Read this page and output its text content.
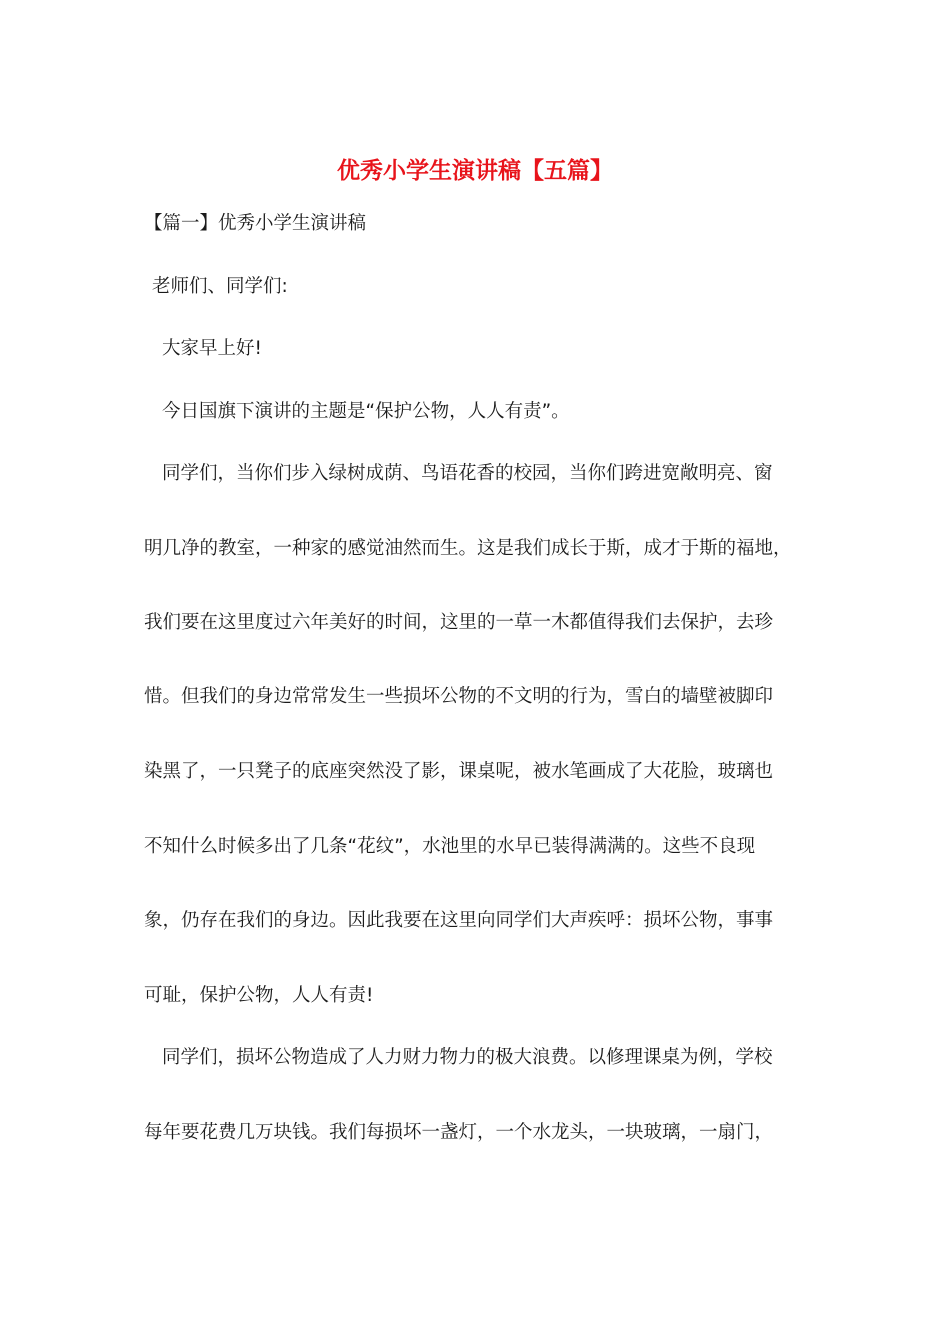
优秀小学生演讲稿【五篇】
【篇一】优秀小学生演讲稿
老师们、同学们:
大家早上好!
今日国旗下演讲的主题是“保护公物，人人有责”。
同学们，当你们步入绿树成荫、鸟语花香的校园，当你们跨进宽敞明亮、窗
明几净的教室，一种家的感觉油然而生。这是我们成长于斯，成才于斯的福地，
我们要在这里度过六年美好的时间，这里的一草一木都值得我们去保护，去珍
惜。但我们的身边常常发生一些损坏公物的不文明的行为，雪白的墙壁被脚印
染黑了，一只凳子的底座突然没了影，课桌呢，被水笔画成了大花脸，玻璃也
不知什么时候多出了几条“花纹”，水池里的水早已装得满满的。这些不良现
象，仍存在我们的身边。因此我要在这里向同学们大声疾呼：损坏公物，事事
可耻，保护公物，人人有责!
同学们，损坏公物造成了人力财力物力的极大浪费。以修理课桌为例，学校
每年要花费几万块钱。我们每损坏一盏灯，一个水龙头，一块玻璃，一扇门，
